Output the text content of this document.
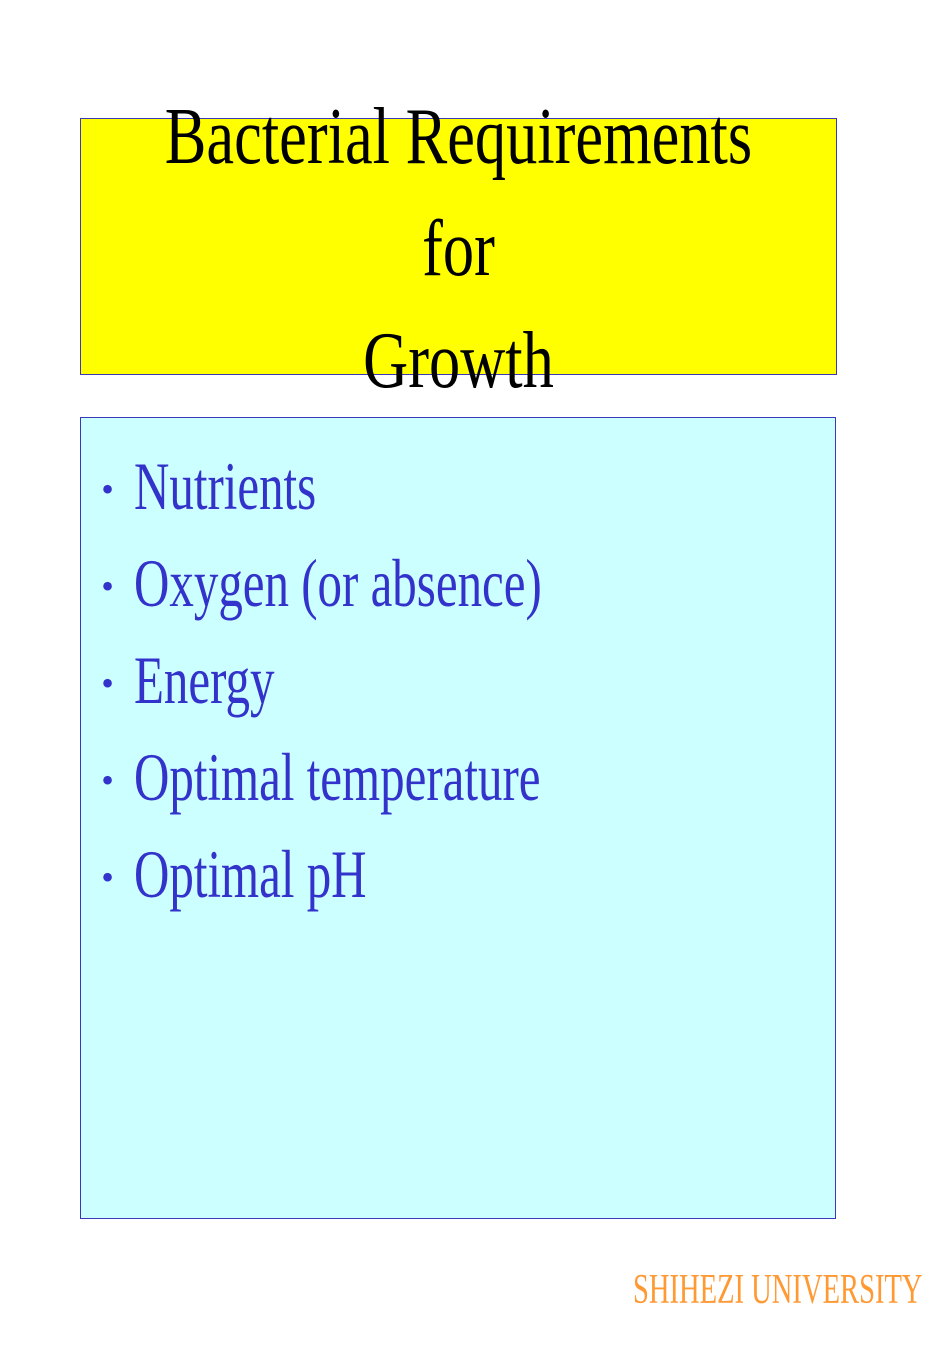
Bacterial Requirements for
Growth
• Nutrients
• Oxygen (or absence)
• Energy
• Optimal temperature
• Optimal pH
SHIHEZI UNIVERSITY
